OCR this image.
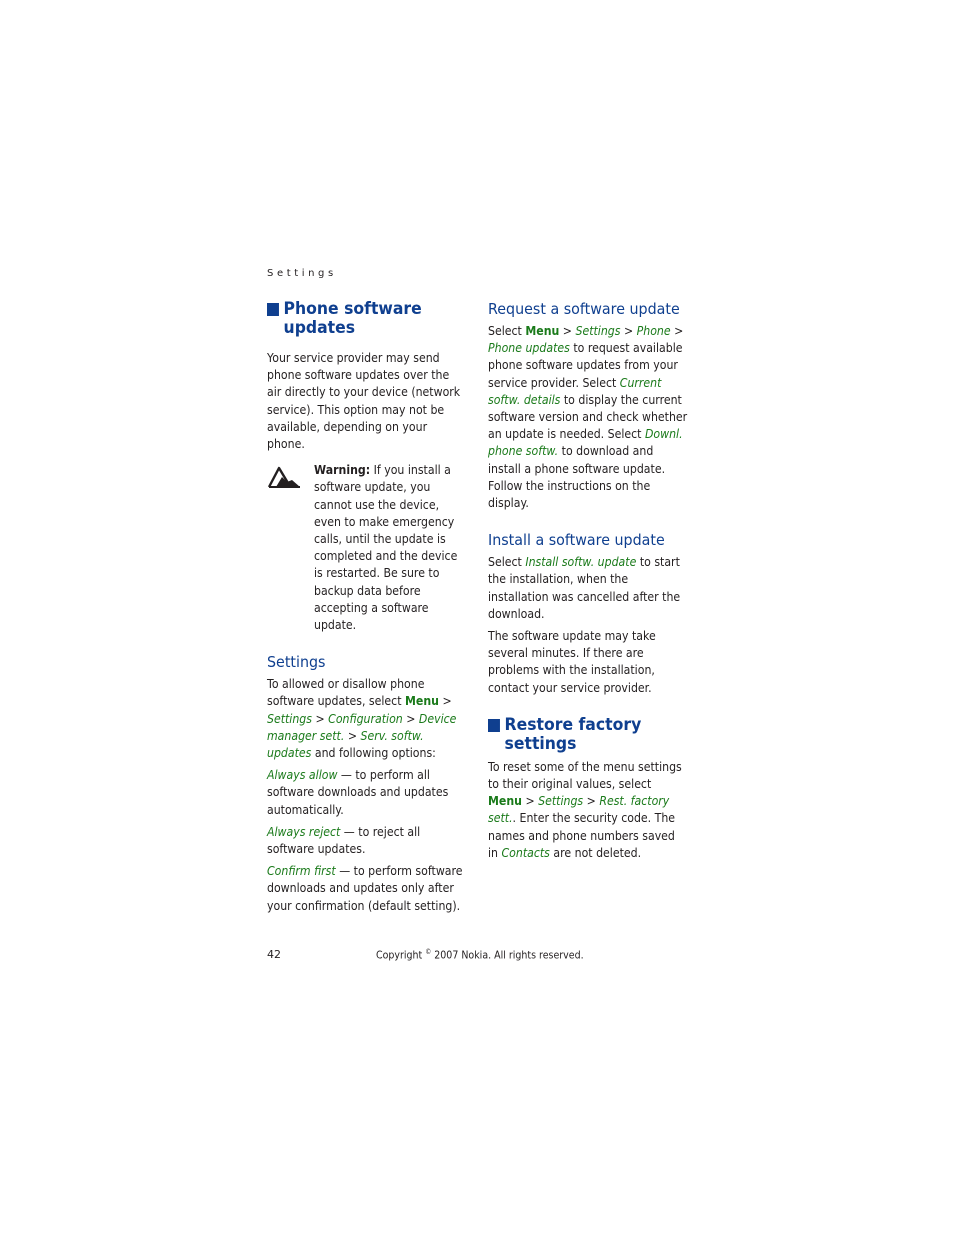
Settings
Phone software updates

Your service provider may send phone software updates over the air directly to your device (network service). This option may not be available, depending on your phone.

Warning: If you install a software update, you cannot use the device, even to make emergency calls, until the update is completed and the device is restarted. Be sure to backup data before accepting a software update.

Settings

To allowed or disallow phone software updates, select Menu > Settings > Configuration > Device manager sett. > Serv. softw. updates and following options:

Always allow — to perform all software downloads and updates automatically.

Always reject — to reject all software updates.

Confirm first — to perform software downloads and updates only after your confirmation (default setting).

Request a software update

Select Menu > Settings > Phone > Phone updates to request available phone software updates from your service provider. Select Current softw. details to display the current software version and check whether an update is needed. Select Downl. phone softw. to download and install a phone software update. Follow the instructions on the display.

Install a software update

Select Install softw. update to start the installation, when the installation was cancelled after the download.

The software update may take several minutes. If there are problems with the installation, contact your service provider.

Restore factory settings

To reset some of the menu settings to their original values, select Menu > Settings > Rest. factory sett.. Enter the security code. The names and phone numbers saved in Contacts are not deleted.

42	Copyright © 2007 Nokia. All rights reserved.
